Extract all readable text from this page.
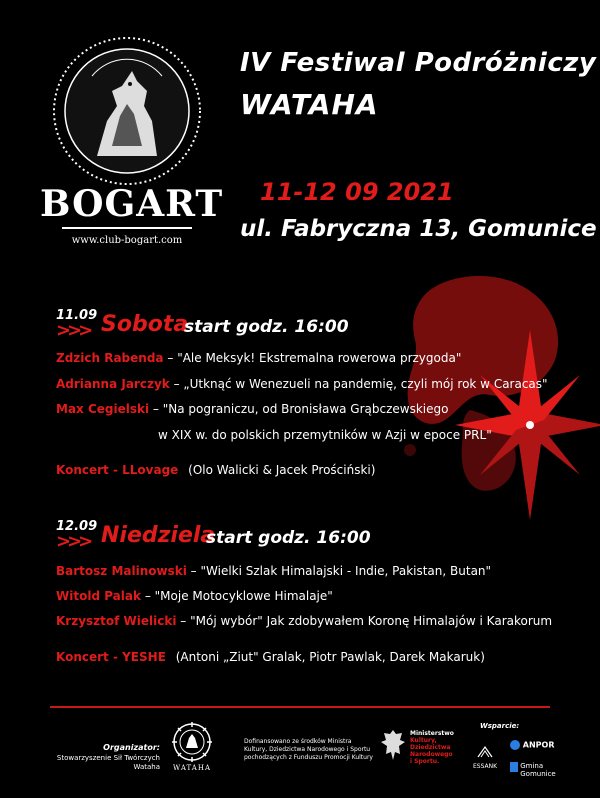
BOGART
www.club-bogart.com
IV Festiwal Podróżniczy
WATAHA
11-12 09 2021
ul. Fabryczna 13, Gomunice
11.09
>>> Sobota
start godz. 16:00
Zdzich Rabenda – "Ale Meksyk! Ekstremalna rowerowa przygoda"
Adrianna Jarczyk – „Utknąć w Wenezueli na pandemię, czyli mój rok w Caracas"
Max Cegielski – "Na pograniczu, od Bronisława Grąbczewskiego
w XIX w. do polskich przemytników w Azji w epoce PRL"
Koncert - LLovage (Olo Walicki & Jacek Prościński)
12.09
>>> Niedziela
start godz. 16:00
Bartosz Malinowski – "Wielki Szlak Himalajski - Indie, Pakistan, Butan"
Witold Palak – "Moje Motocyklowe Himalaje"
Krzysztof Wielicki – "Mój wybór" Jak zdobywałem Koronę Himalajów i Karakorum
Koncert - YESHE (Antoni „Ziut" Gralak, Piotr Pawlak, Darek Makaruk)
Organizator:
Stowarzyszenie Sił Twórczych Wataha WATAHA
Dofinansowano ze środków Ministra Kultury, Dziedzictwa Narodowego i Sportu pochodzących z Funduszu Promocji Kultury
Ministerstwo
Kultury,
Dziedzictwa
Narodowego
i Sportu.
Wsparcie:
ESSANK
ANPOR

Gmina
Gomunice
